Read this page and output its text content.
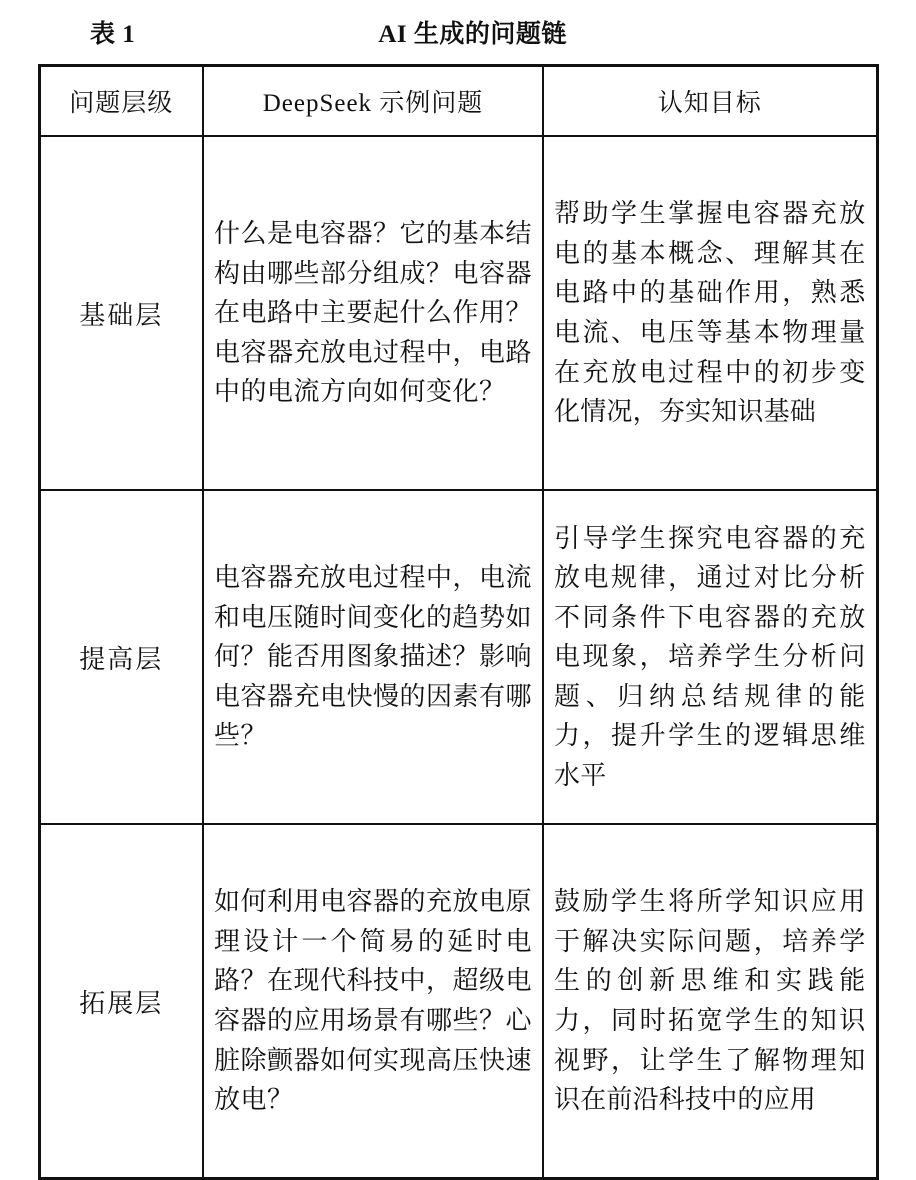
表 1	AI 生成的问题链
问题层级	DeepSeek 示例问题	认知目标
基础层	什么是电容器？它的基本结构由哪些部分组成？电容器在电路中主要起什么作用？电容器充放电过程中，电路中的电流方向如何变化？	帮助学生掌握电容器充放电的基本概念、理解其在电路中的基础作用，熟悉电流、电压等基本物理量在充放电过程中的初步变化情况，夯实知识基础
提高层	电容器充放电过程中，电流和电压随时间变化的趋势如何？能否用图象描述？影响电容器充电快慢的因素有哪些？	引导学生探究电容器的充放电规律，通过对比分析不同条件下电容器的充放电现象，培养学生分析问题、归纳总结规律的能力，提升学生的逻辑思维水平
拓展层	如何利用电容器的充放电原理设计一个简易的延时电路？在现代科技中，超级电容器的应用场景有哪些？心脏除颤器如何实现高压快速放电？	鼓励学生将所学知识应用于解决实际问题，培养学生的创新思维和实践能力，同时拓宽学生的知识视野，让学生了解物理知识在前沿科技中的应用
